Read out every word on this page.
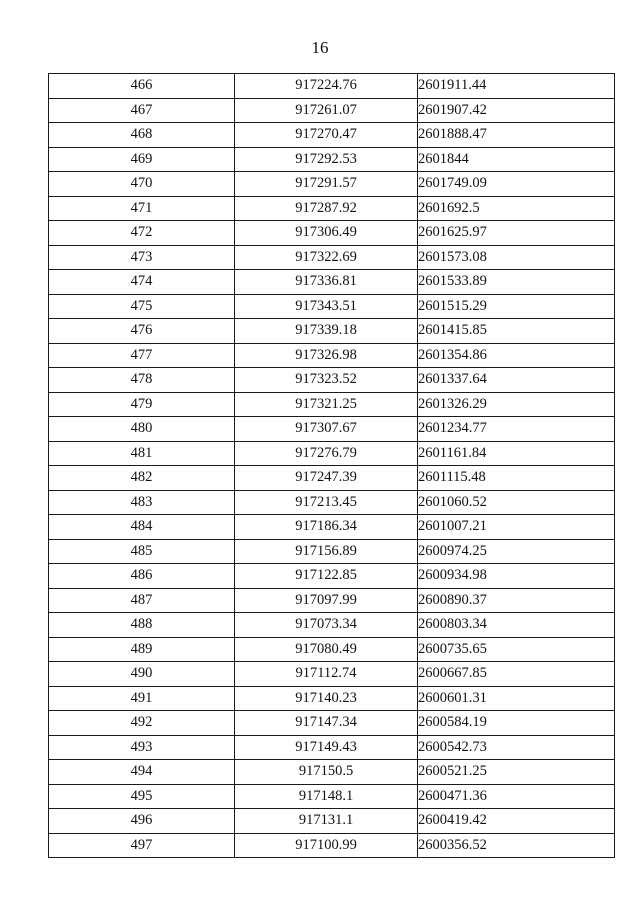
16
466	917224.76	2601911.44
467	917261.07	2601907.42
468	917270.47	2601888.47
469	917292.53	2601844
470	917291.57	2601749.09
471	917287.92	2601692.5
472	917306.49	2601625.97
473	917322.69	2601573.08
474	917336.81	2601533.89
475	917343.51	2601515.29
476	917339.18	2601415.85
477	917326.98	2601354.86
478	917323.52	2601337.64
479	917321.25	2601326.29
480	917307.67	2601234.77
481	917276.79	2601161.84
482	917247.39	2601115.48
483	917213.45	2601060.52
484	917186.34	2601007.21
485	917156.89	2600974.25
486	917122.85	2600934.98
487	917097.99	2600890.37
488	917073.34	2600803.34
489	917080.49	2600735.65
490	917112.74	2600667.85
491	917140.23	2600601.31
492	917147.34	2600584.19
493	917149.43	2600542.73
494	917150.5	2600521.25
495	917148.1	2600471.36
496	917131.1	2600419.42
497	917100.99	2600356.52
